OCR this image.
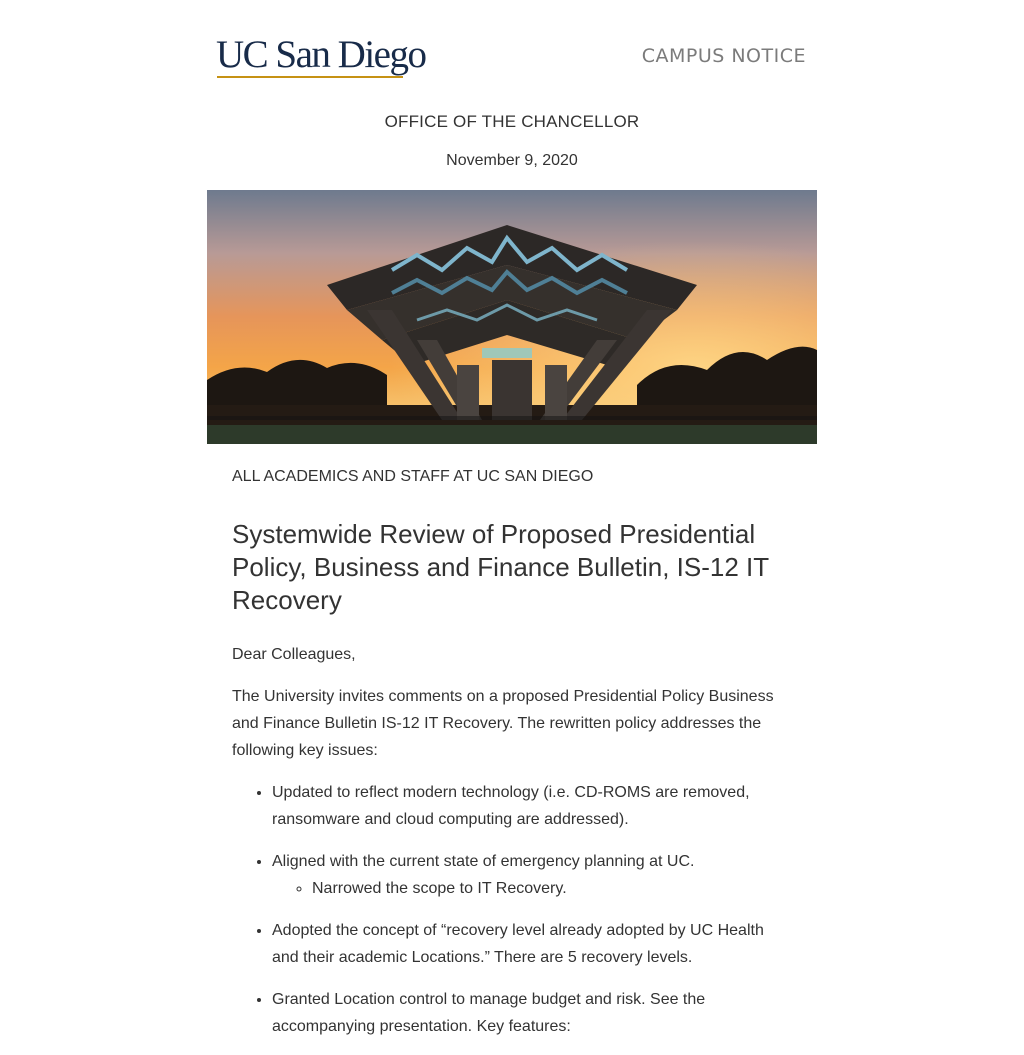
UC San Diego	CAMPUS NOTICE
OFFICE OF THE CHANCELLOR
November 9, 2020

ALL ACADEMICS AND STAFF AT UC SAN DIEGO

Systemwide Review of Proposed Presidential Policy, Business and Finance Bulletin, IS-12 IT Recovery

Dear Colleagues,

The University invites comments on a proposed Presidential Policy Business and Finance Bulletin IS-12 IT Recovery. The rewritten policy addresses the following key issues:

• Updated to reflect modern technology (i.e. CD-ROMS are removed, ransomware and cloud computing are addressed).
• Aligned with the current state of emergency planning at UC.
◦ Narrowed the scope to IT Recovery.
• Adopted the concept of “recovery level already adopted by UC Health and their academic Locations.” There are 5 recovery levels.
• Granted Location control to manage budget and risk. See the accompanying presentation. Key features:
